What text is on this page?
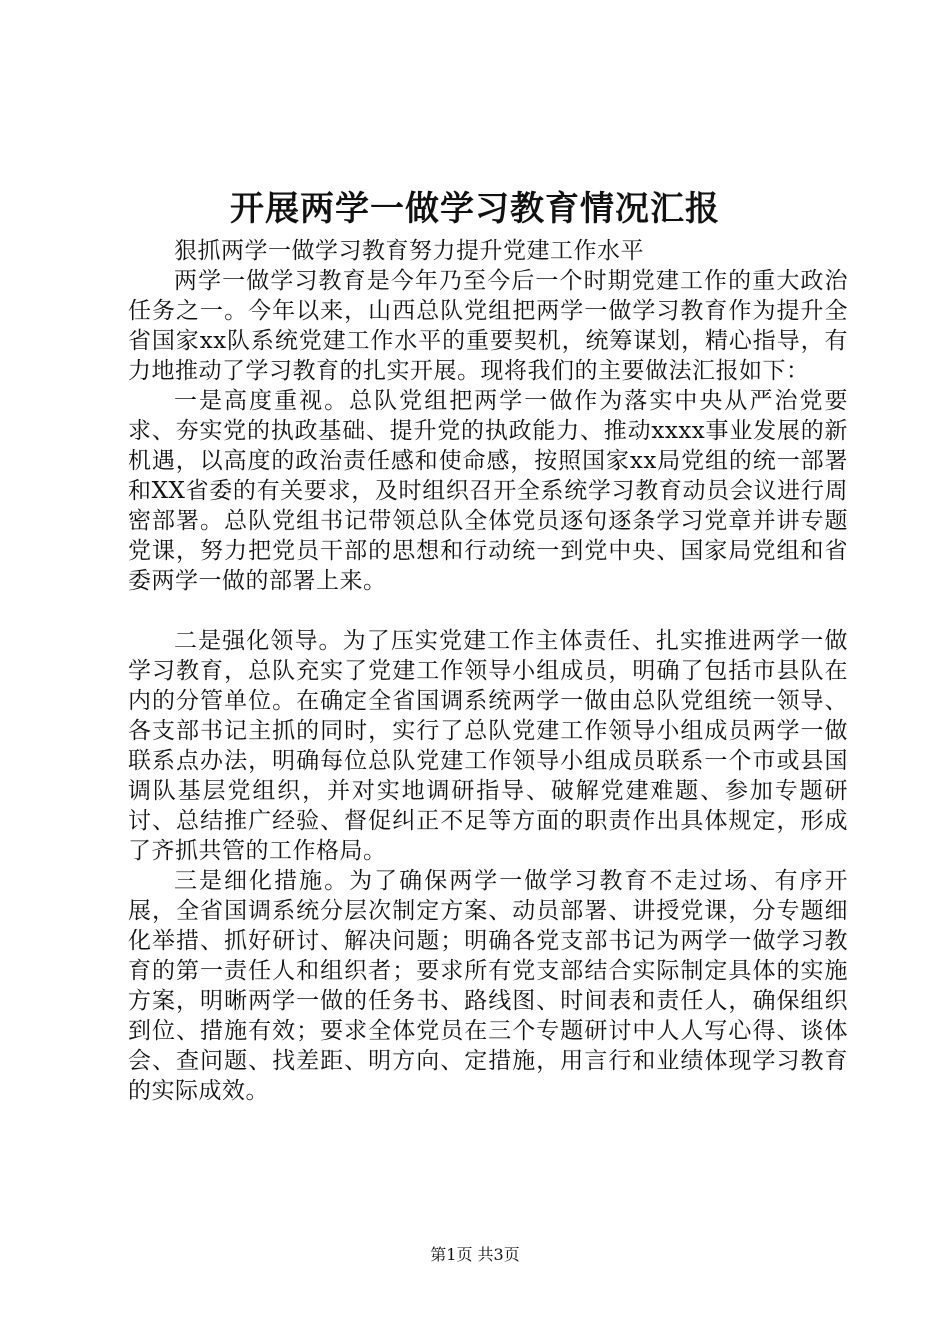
开展两学一做学习教育情况汇报

狠抓两学一做学习教育努力提升党建工作水平

两学一做学习教育是今年乃至今后一个时期党建工作的重大政治任务之一。今年以来，山西总队党组把两学一做学习教育作为提升全省国家xx队系统党建工作水平的重要契机，统筹谋划，精心指导，有力地推动了学习教育的扎实开展。现将我们的主要做法汇报如下：

一是高度重视。总队党组把两学一做作为落实中央从严治党要求、夯实党的执政基础、提升党的执政能力、推动xxxx事业发展的新机遇，以高度的政治责任感和使命感，按照国家xx局党组的统一部署和XX省委的有关要求，及时组织召开全系统学习教育动员会议进行周密部署。总队党组书记带领总队全体党员逐句逐条学习党章并讲专题党课，努力把党员干部的思想和行动统一到党中央、国家局党组和省委两学一做的部署上来。

二是强化领导。为了压实党建工作主体责任、扎实推进两学一做学习教育，总队充实了党建工作领导小组成员，明确了包括市县队在内的分管单位。在确定全省国调系统两学一做由总队党组统一领导、各支部书记主抓的同时，实行了总队党建工作领导小组成员两学一做联系点办法，明确每位总队党建工作领导小组成员联系一个市或县国调队基层党组织，并对实地调研指导、破解党建难题、参加专题研讨、总结推广经验、督促纠正不足等方面的职责作出具体规定，形成了齐抓共管的工作格局。

三是细化措施。为了确保两学一做学习教育不走过场、有序开展，全省国调系统分层次制定方案、动员部署、讲授党课，分专题细化举措、抓好研讨、解决问题；明确各党支部书记为两学一做学习教育的第一责任人和组织者；要求所有党支部结合实际制定具体的实施方案，明晰两学一做的任务书、路线图、时间表和责任人，确保组织到位、措施有效；要求全体党员在三个专题研讨中人人写心得、谈体会、查问题、找差距、明方向、定措施，用言行和业绩体现学习教育的实际成效。

第1页 共3页
